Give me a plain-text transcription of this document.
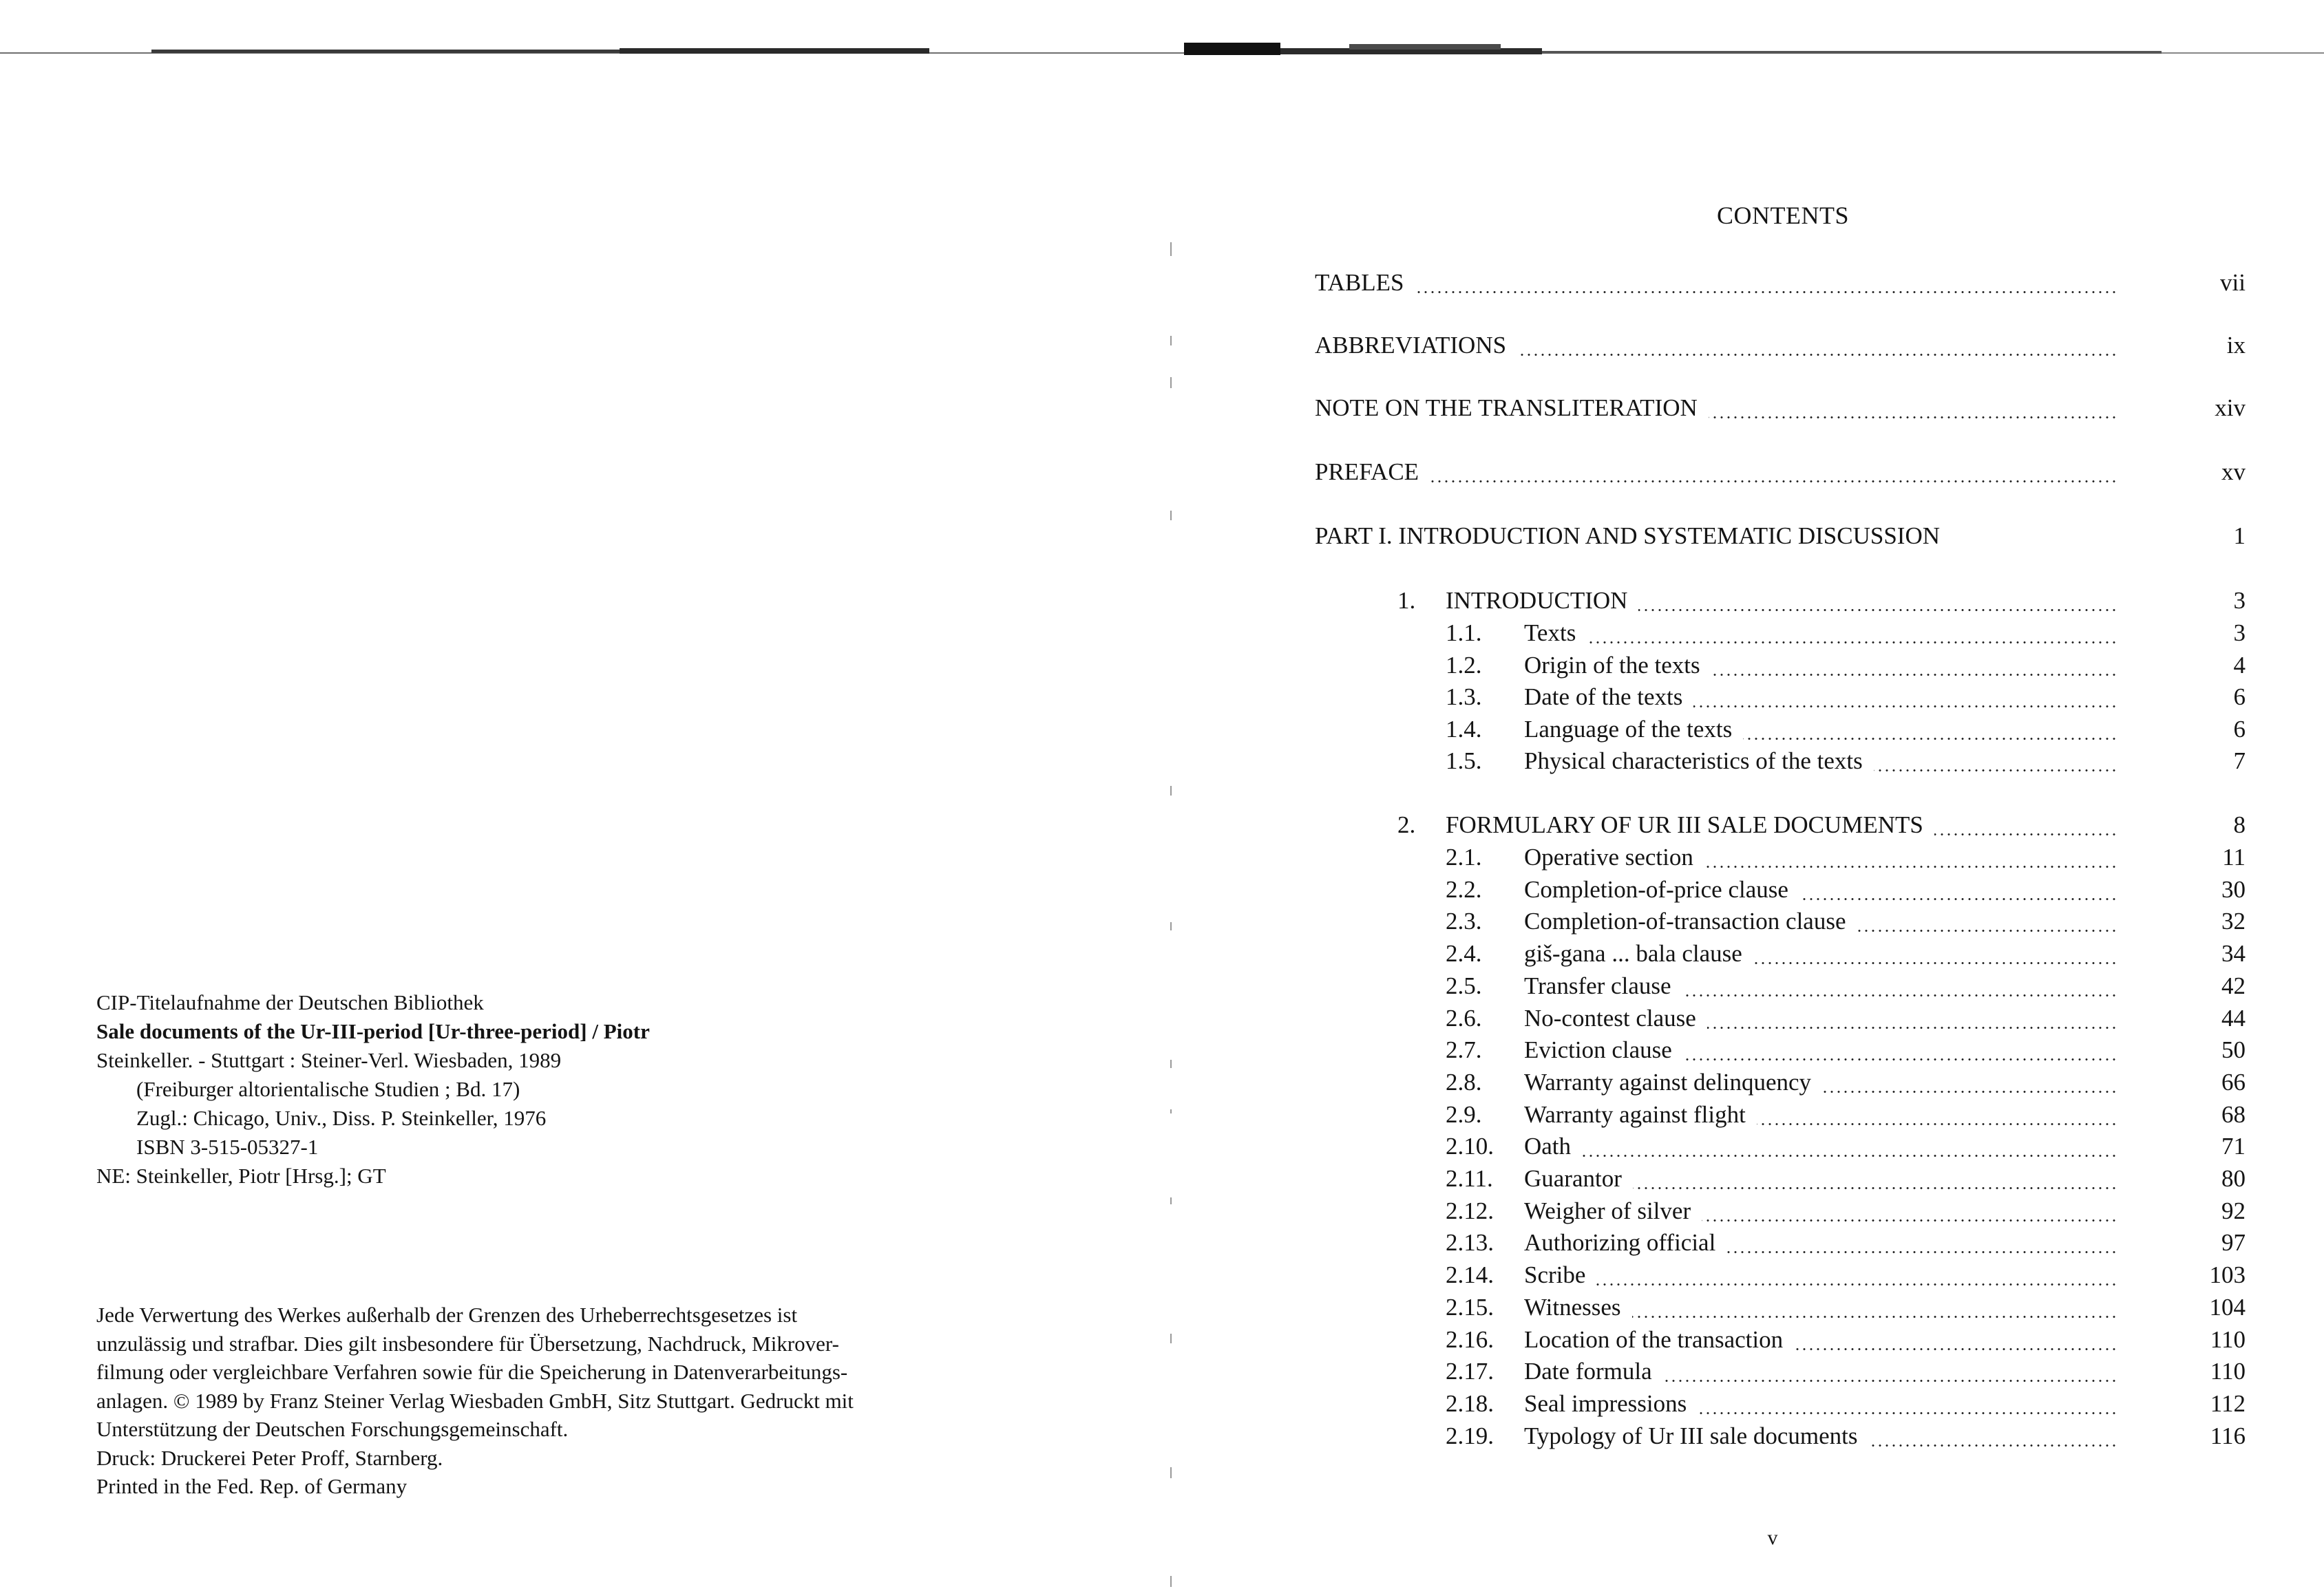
CIP-Titelaufnahme der Deutschen Bibliothek
Sale documents of the Ur-III-period [Ur-three-period] / Piotr
Steinkeller. - Stuttgart : Steiner-Verl. Wiesbaden, 1989
(Freiburger altorientalische Studien ; Bd. 17)
Zugl.: Chicago, Univ., Diss. P. Steinkeller, 1976
ISBN 3-515-05327-1
NE: Steinkeller, Piotr [Hrsg.]; GT
Jede Verwertung des Werkes außerhalb der Grenzen des Urheberrechtsgesetzes ist
unzulässig und strafbar. Dies gilt insbesondere für Übersetzung, Nachdruck, Mikrover-
filmung oder vergleichbare Verfahren sowie für die Speicherung in Datenverarbeitungs-
anlagen. © 1989 by Franz Steiner Verlag Wiesbaden GmbH, Sitz Stuttgart. Gedruckt mit
Unterstützung der Deutschen Forschungsgemeinschaft.
Druck: Druckerei Peter Proff, Starnberg.
Printed in the Fed. Rep. of Germany
CONTENTS
TABLES	vii
ABBREVIATIONS	ix
NOTE ON THE TRANSLITERATION	xiv
PREFACE	xv
PART I. INTRODUCTION AND SYSTEMATIC DISCUSSION	1
1. INTRODUCTION	3
1.1. Texts	3
1.2. Origin of the texts	4
1.3. Date of the texts	6
1.4. Language of the texts	6
1.5. Physical characteristics of the texts	7
2. FORMULARY OF UR III SALE DOCUMENTS	8
2.1. Operative section	11
2.2. Completion-of-price clause	30
2.3. Completion-of-transaction clause	32
2.4. giš-gana ... bala clause	34
2.5. Transfer clause	42
2.6. No-contest clause	44
2.7. Eviction clause	50
2.8. Warranty against delinquency	66
2.9. Warranty against flight	68
2.10. Oath	71
2.11. Guarantor	80
2.12. Weigher of silver	92
2.13. Authorizing official	97
2.14. Scribe	103
2.15. Witnesses	104
2.16. Location of the transaction	110
2.17. Date formula	110
2.18. Seal impressions	112
2.19. Typology of Ur III sale documents	116
v
